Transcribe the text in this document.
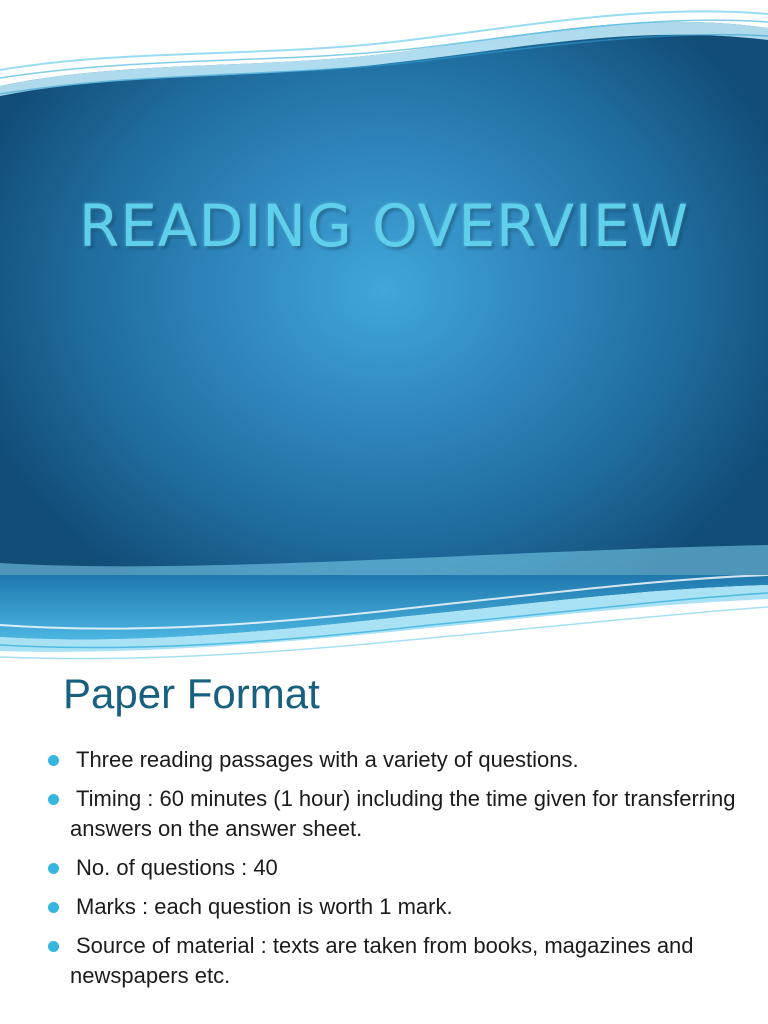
READING OVERVIEW
Paper Format
Three reading passages with a variety of questions.
Timing : 60 minutes (1 hour) including the time given for transferring answers on the answer sheet.
No. of questions : 40
Marks : each question is worth 1 mark.
Source of material : texts are taken from books, magazines and newspapers etc.
